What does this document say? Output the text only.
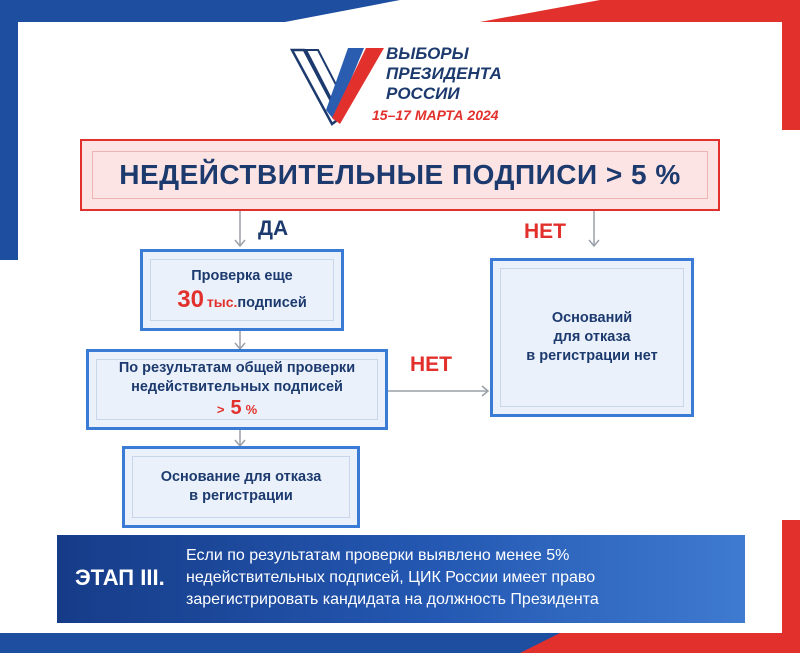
ВЫБОРЫ
ПРЕЗИДЕНТА
РОССИИ
15–17 МАРТА 2024
НЕДЕЙСТВИТЕЛЬНЫЕ ПОДПИСИ > 5 %
ДА	НЕТ
Проверка еще
30 тыс. подписей
По результатам общей проверки
недействительных подписей
> 5 %
НЕТ
Оснований
для отказа
в регистрации нет
Основание для отказа
в регистрации
ЭТАП III.
Если по результатам проверки выявлено менее 5%
недействительных подписей, ЦИК России имеет право
зарегистрировать кандидата на должность Президента
